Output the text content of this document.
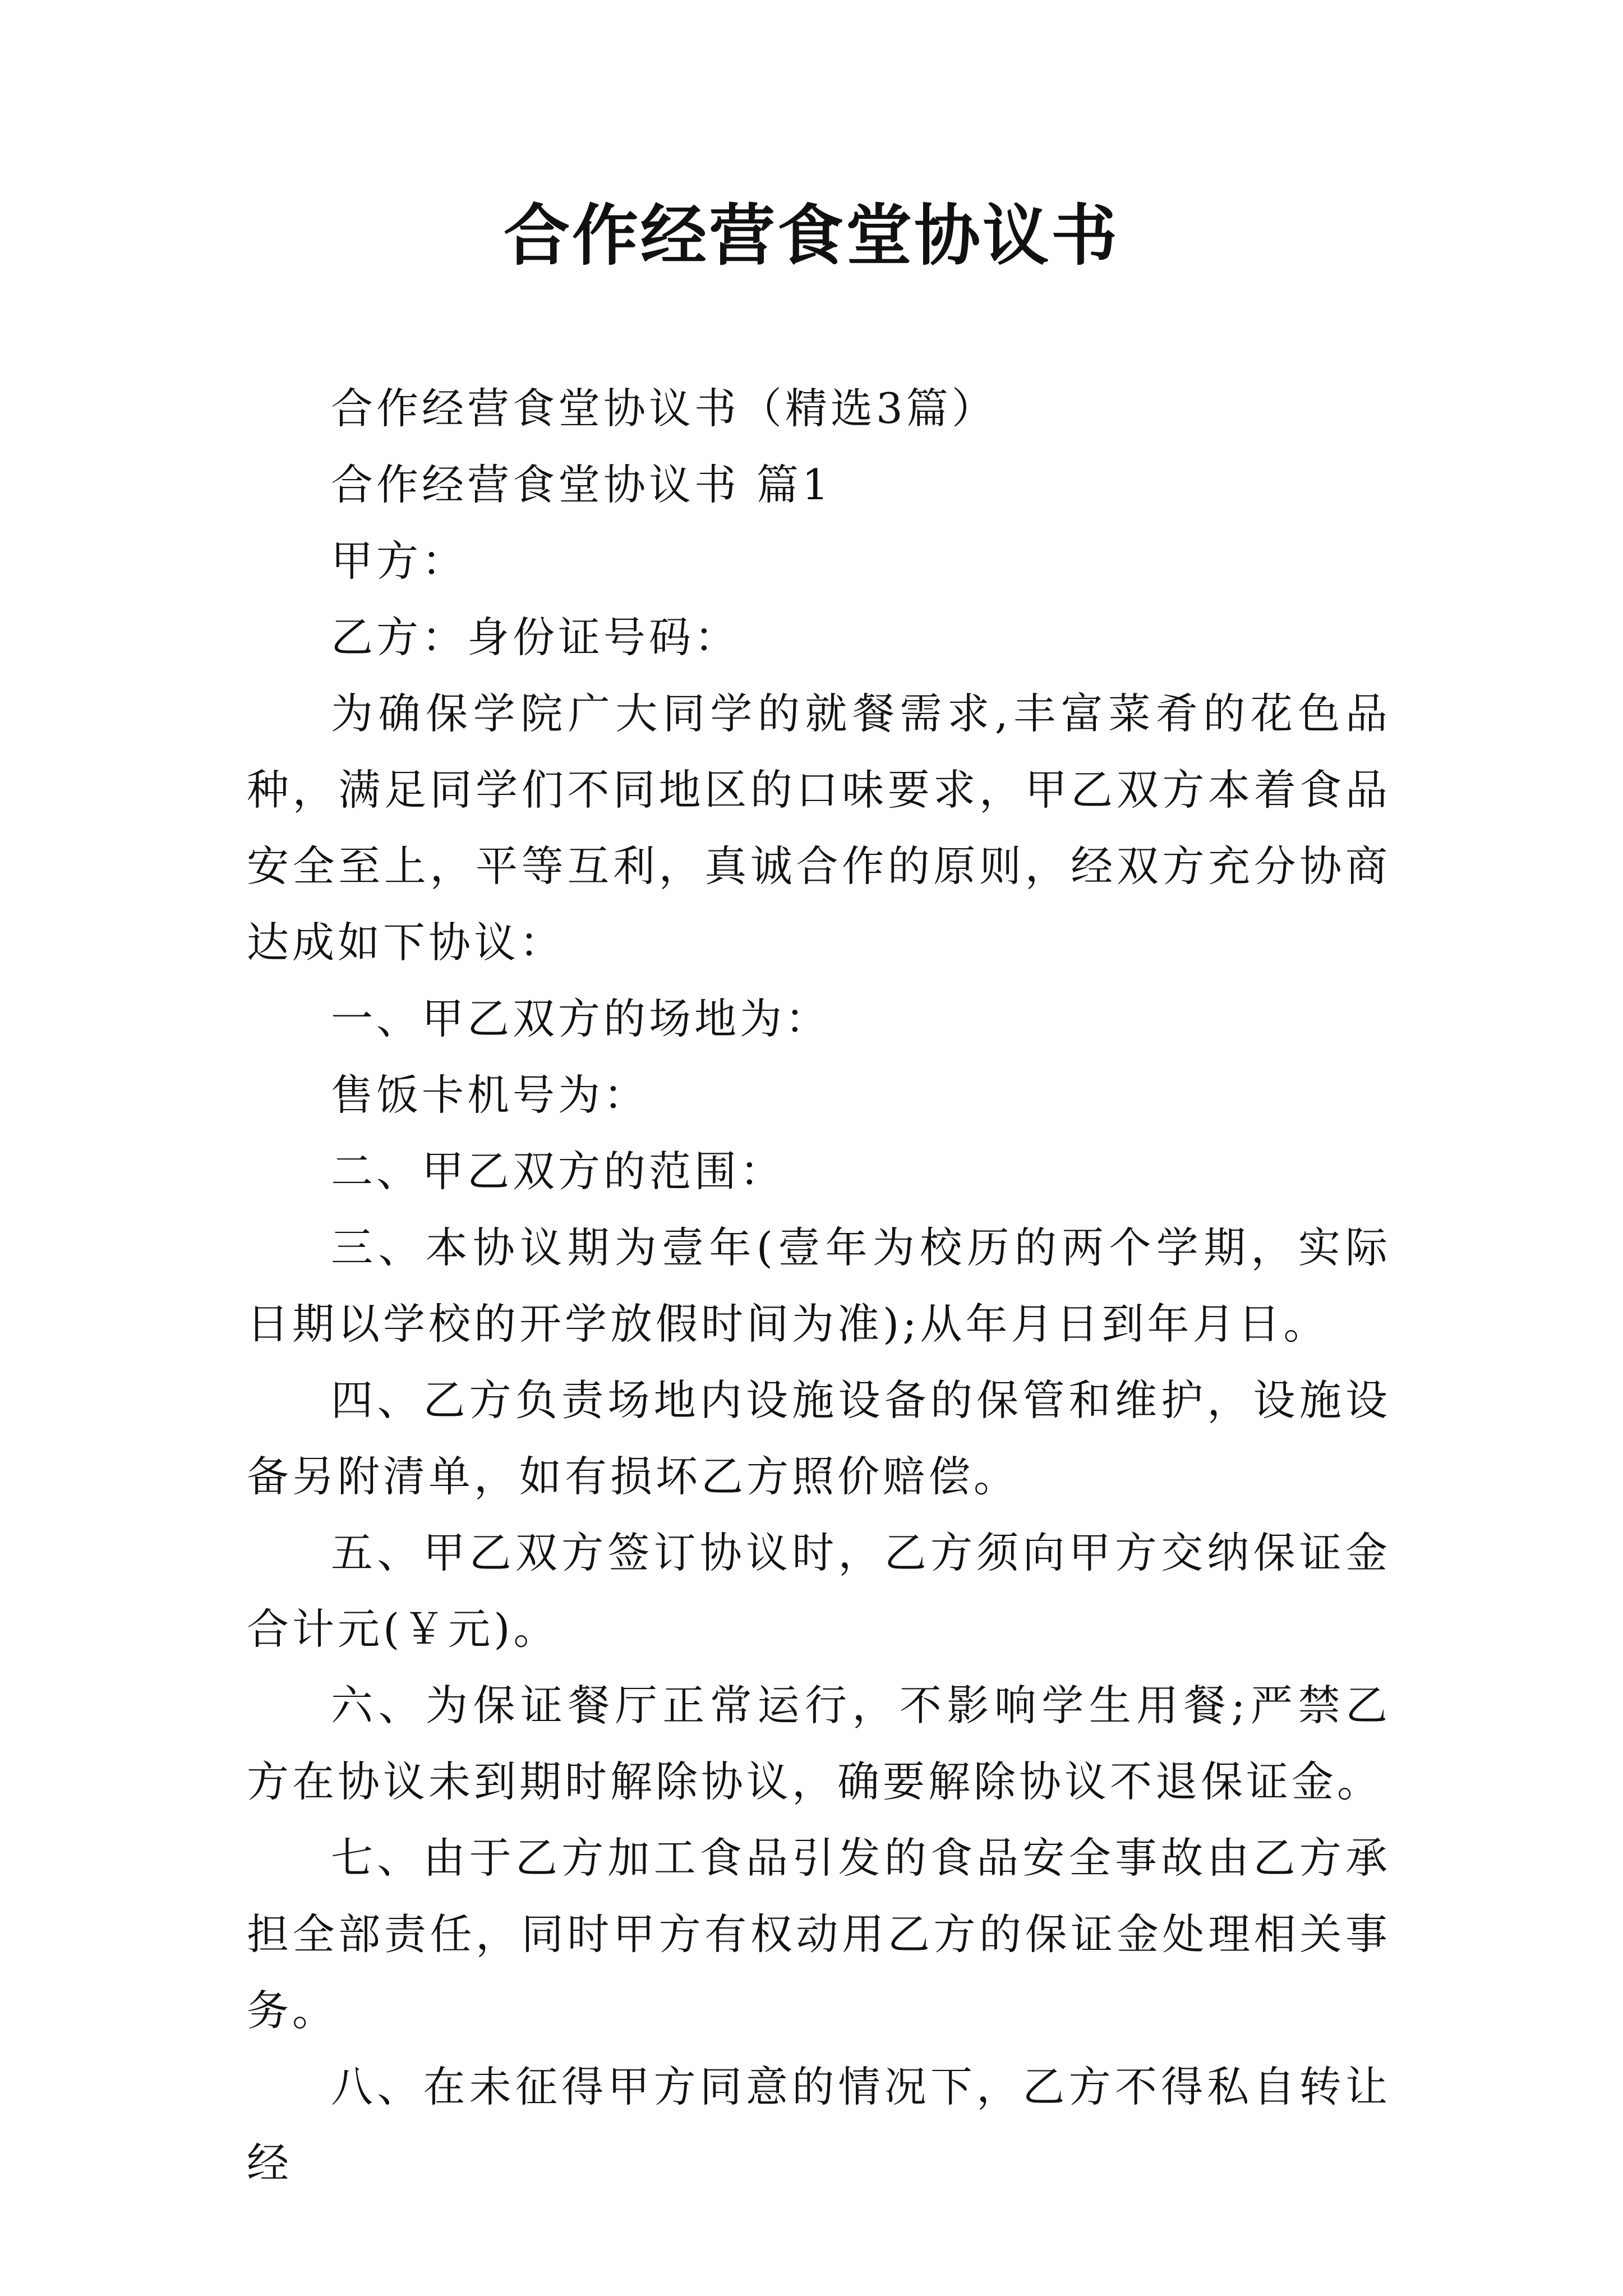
合作经营食堂协议书

合作经营食堂协议书（精选3篇）

合作经营食堂协议书 篇1

甲方：

乙方：身份证号码：

为确保学院广大同学的就餐需求,丰富菜肴的花色品种，满足同学们不同地区的口味要求，甲乙双方本着食品安全至上，平等互利，真诚合作的原则，经双方充分协商达成如下协议：

一、甲乙双方的场地为：

售饭卡机号为：

二、甲乙双方的范围：

三、本协议期为壹年(壹年为校历的两个学期，实际日期以学校的开学放假时间为准);从年月日到年月日。

四、乙方负责场地内设施设备的保管和维护，设施设备另附清单，如有损坏乙方照价赔偿。

五、甲乙双方签订协议时，乙方须向甲方交纳保证金合计元(￥元)。

六、为保证餐厅正常运行，不影响学生用餐;严禁乙方在协议未到期时解除协议，确要解除协议不退保证金。

七、由于乙方加工食品引发的食品安全事故由乙方承担全部责任，同时甲方有权动用乙方的保证金处理相关事务。

八、在未征得甲方同意的情况下，乙方不得私自转让经
